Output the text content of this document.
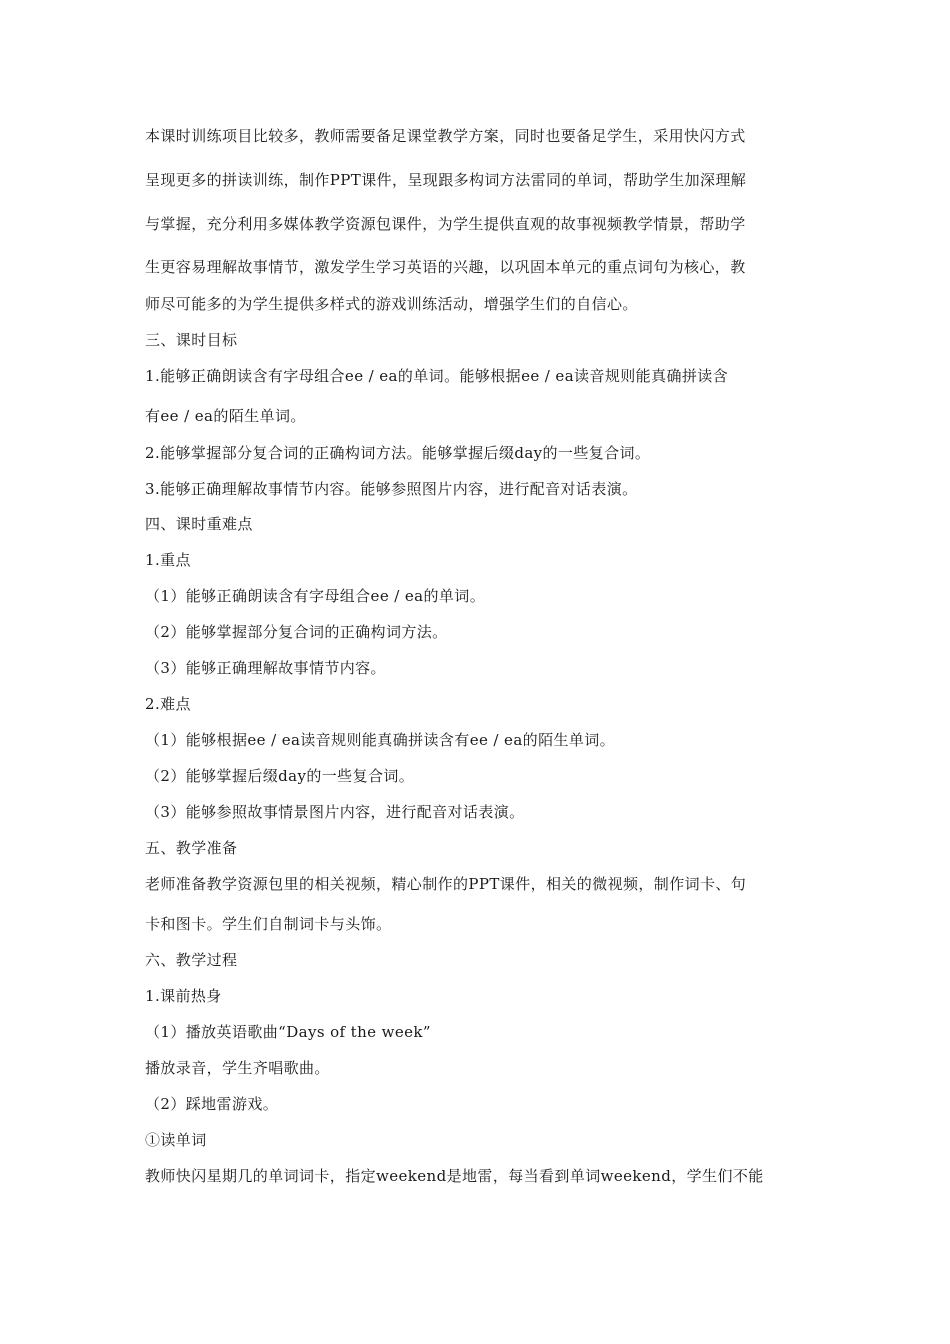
本课时训练项目比较多，教师需要备足课堂教学方案，同时也要备足学生，采用快闪方式
呈现更多的拼读训练，制作PPT课件，呈现跟多构词方法雷同的单词，帮助学生加深理解
与掌握，充分利用多媒体教学资源包课件，为学生提供直观的故事视频教学情景，帮助学
生更容易理解故事情节，激发学生学习英语的兴趣，以巩固本单元的重点词句为核心，教
师尽可能多的为学生提供多样式的游戏训练活动，增强学生们的自信心。
三、课时目标
1.能够正确朗读含有字母组合ee / ea的单词。能够根据ee / ea读音规则能真确拼读含
有ee / ea的陌生单词。
2.能够掌握部分复合词的正确构词方法。能够掌握后缀day的一些复合词。
3.能够正确理解故事情节内容。能够参照图片内容，进行配音对话表演。
四、课时重难点
1.重点
（1）能够正确朗读含有字母组合ee / ea的单词。
（2）能够掌握部分复合词的正确构词方法。
（3）能够正确理解故事情节内容。
2.难点
（1）能够根据ee / ea读音规则能真确拼读含有ee / ea的陌生单词。
（2）能够掌握后缀day的一些复合词。
（3）能够参照故事情景图片内容，进行配音对话表演。
五、教学准备
老师准备教学资源包里的相关视频，精心制作的PPT课件，相关的微视频，制作词卡、句
卡和图卡。学生们自制词卡与头饰。
六、教学过程
1.课前热身
（1）播放英语歌曲“Days of the week”
播放录音，学生齐唱歌曲。
（2）踩地雷游戏。
①读单词
教师快闪星期几的单词词卡，指定weekend是地雷，每当看到单词weekend，学生们不能
